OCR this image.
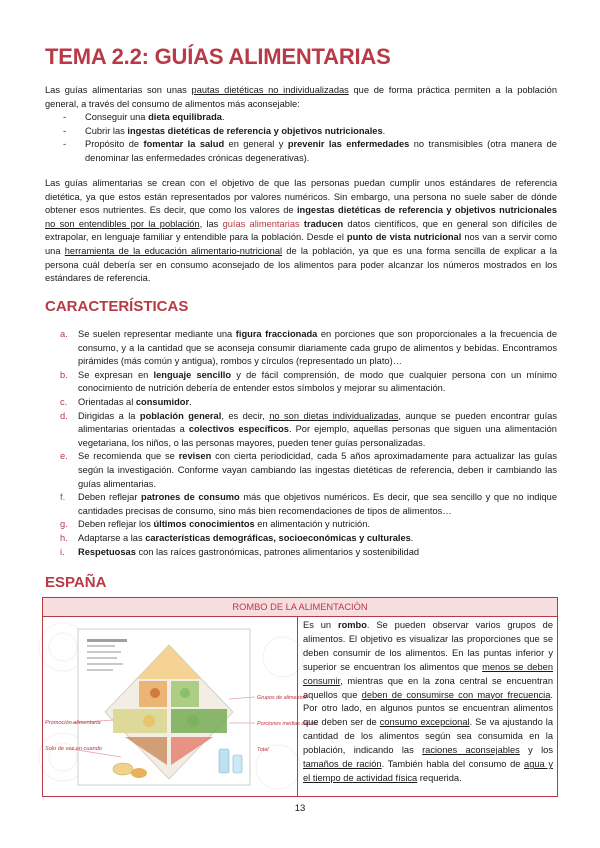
TEMA 2.2: GUÍAS ALIMENTARIAS

Las guías alimentarias son unas pautas dietéticas no individualizadas que de forma práctica permiten a la población general, a través del consumo de alimentos más aconsejable:

- Conseguir una dieta equilibrada.
- Cubrir las ingestas dietéticas de referencia y objetivos nutricionales.
- Propósito de fomentar la salud en general y prevenir las enfermedades no transmisibles (otra manera de denominar las enfermedades crónicas degenerativas).

Las guías alimentarias se crean con el objetivo de que las personas puedan cumplir unos estándares de referencia dietética, ya que estos están representados por valores numéricos. Sin embargo, una persona no suele saber de dónde obtener esos nutrientes. Es decir, que como los valores de ingestas dietéticas de referencia y objetivos nutricionales no son entendibles por la población, las guías alimentarias traducen datos científicos, que en general son difíciles de extrapolar, en lenguaje familiar y entendible para la población. Desde el punto de vista nutricional nos van a servir como una herramienta de la educación alimentario-nutricional de la población, ya que es una forma sencilla de explicar a la persona cuál debería ser en consumo aconsejado de los alimentos para poder alcanzar los números mostrados en los estándares de referencia.

CARACTERÍSTICAS
a. Se suelen representar mediante una figura fraccionada en porciones que son proporcionales a la frecuencia de consumo, y a la cantidad que se aconseja consumir diariamente cada grupo de alimentos y bebidas. Encontramos pirámides (más común y antigua), rombos y círculos (representado un plato)…
b. Se expresan en lenguaje sencillo y de fácil comprensión, de modo que cualquier persona con un mínimo conocimiento de nutrición debería de entender estos símbolos y mejorar su alimentación.
c. Orientadas al consumidor.
d. Dirigidas a la población general, es decir, no son dietas individualizadas, aunque se pueden encontrar guías alimentarias orientadas a colectivos específicos. Por ejemplo, aquellas personas que siguen una alimentación vegetariana, los niños, o las personas mayores, pueden tener guías personalizadas.
e. Se recomienda que se revisen con cierta periodicidad, cada 5 años aproximadamente para actualizar las guías según la investigación. Conforme vayan cambiando las ingestas dietéticas de referencia, deben ir cambiando las guías alimentarias.
f. Deben reflejar patrones de consumo más que objetivos numéricos. Es decir, que sea sencillo y que no indique cantidades precisas de consumo, sino más bien recomendaciones de tipos de alimentos…
g. Deben reflejar los últimos conocimientos en alimentación y nutrición.
h. Adaptarse a las características demográficas, socioeconómicas y culturales.
i. Respetuosas con las raíces gastronómicas, patrones alimentarios y sostenibilidad
ESPAÑA
ROMBO DE LA ALIMENTACIÓN
Promoción alimentaria
Solo de vez en cuando
Grupos de alimentos
Porciones medias diarias
Total

Es un rombo. Se pueden observar varios grupos de alimentos. El objetivo es visualizar las proporciones que se deben consumir de los alimentos. En las puntas inferior y superior se encuentran los alimentos que menos se deben consumir, mientras que en la zona central se encuentran aquellos que deben de consumirse con mayor frecuencia. Por otro lado, en algunos puntos se encuentran alimentos que deben ser de consumo excepcional. Se va ajustando la cantidad de los alimentos según sea consumida en la población, indicando las raciones aconsejables y los tamaños de ración. También habla del consumo de agua y el tiempo de actividad física requerida.

13
